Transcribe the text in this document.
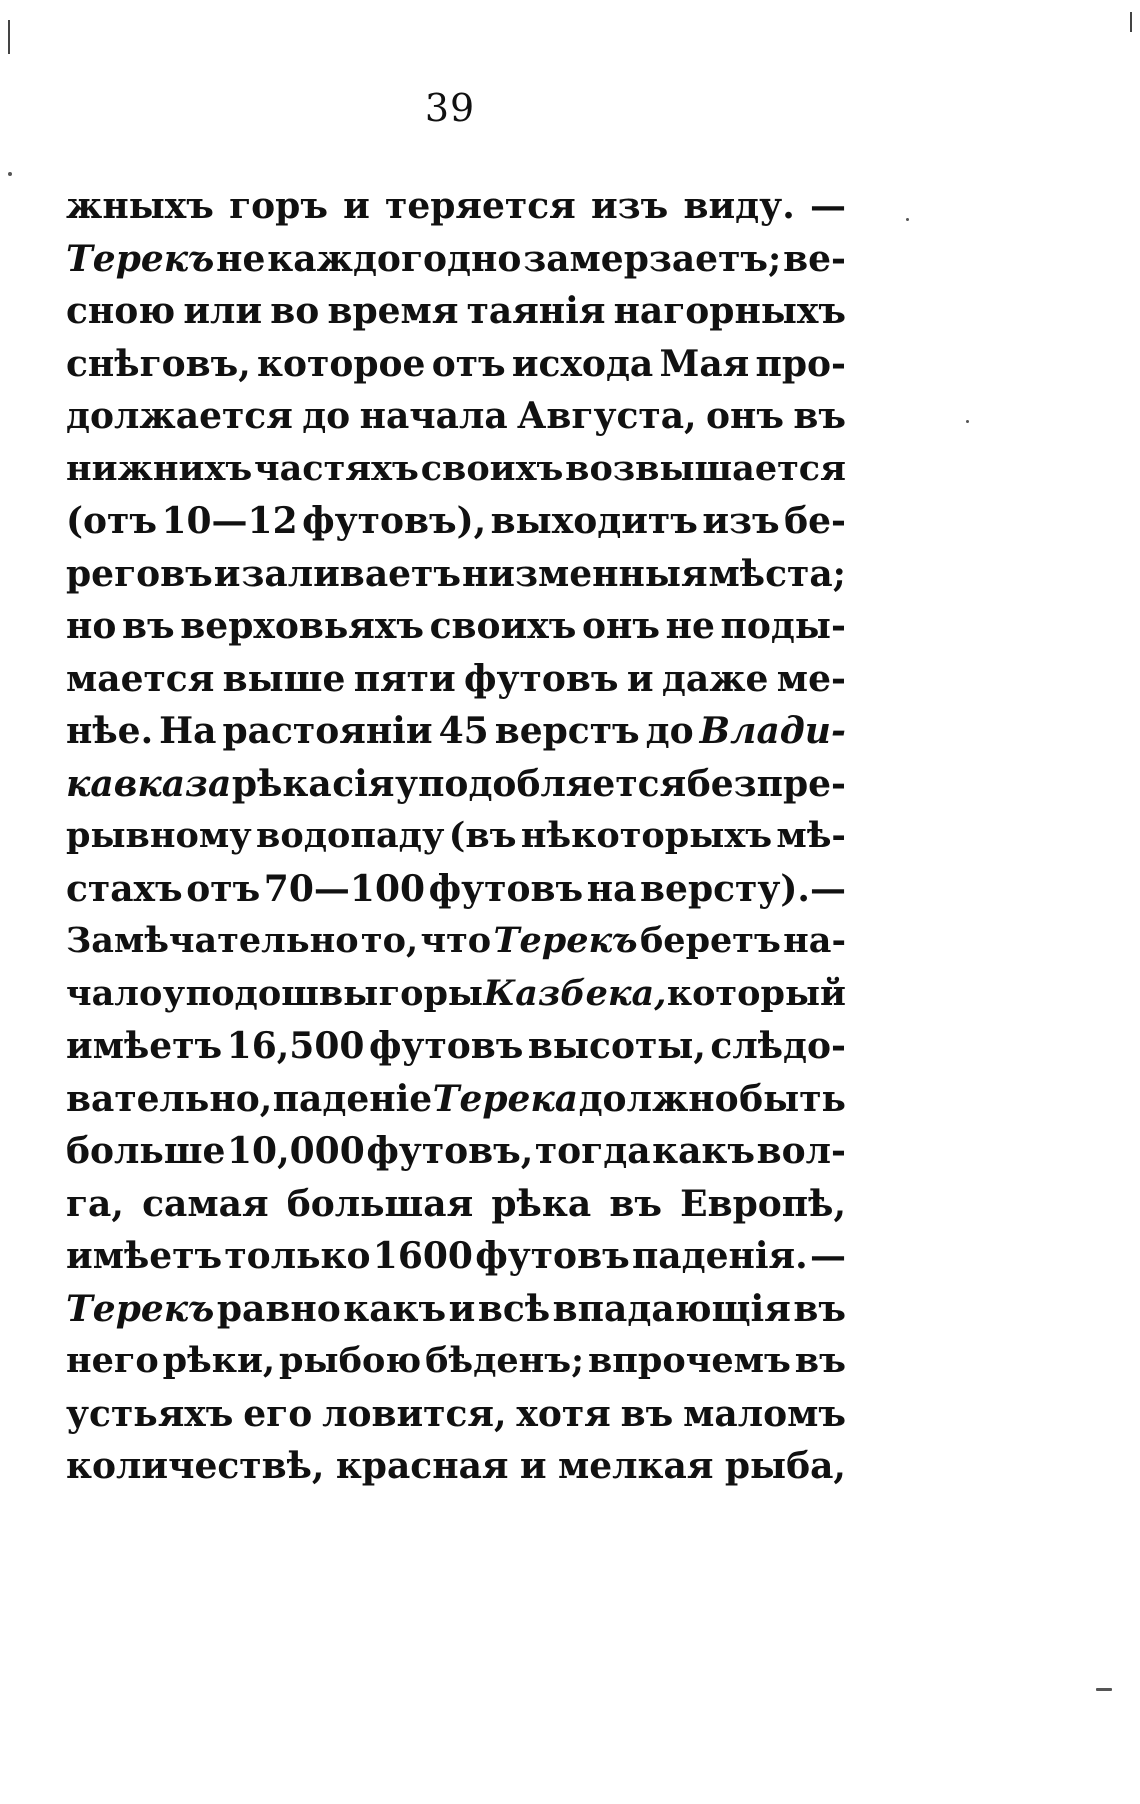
39
жныхъ горъ и теряется изъ виду. —
Терекъ не каждогодно замерзаетъ; ве-
сною или во время таянія нагорныхъ
снѣговъ, которое отъ исхода Мая про-
должается до начала Августа, онъ въ
нижнихъ частяхъ своихъ возвышается
(отъ 10—12 футовъ), выходитъ изъ бе-
реговъ и заливаетъ низменныя мѣста;
но въ верховьяхъ своихъ онъ не поды-
мается выше пяти футовъ и даже ме-
нѣе. На растояніи 45 верстъ до Влади-
кавказа рѣка сія уподобляется безпре-
рывному водопаду (въ нѣкоторыхъ мѣ-
стахъ отъ 70—100 футовъ на версту).—
Замѣчательно то, что Терекъ беретъ на-
чало у подошвы горы Казбека, который
имѣетъ 16,500 футовъ высоты, слѣдо-
вательно, паденіе Терека должно быть
больше 10,000 футовъ, тогда какъ вол-
га, самая большая рѣка въ Европѣ,
имѣетъ только 1600 футовъ паденія. —
Терекъ равно какъ и всѣ впадающія въ
него рѣки, рыбою бѣденъ; впрочемъ въ
устьяхъ его ловится, хотя въ маломъ
количествѣ, красная и мелкая рыба,
